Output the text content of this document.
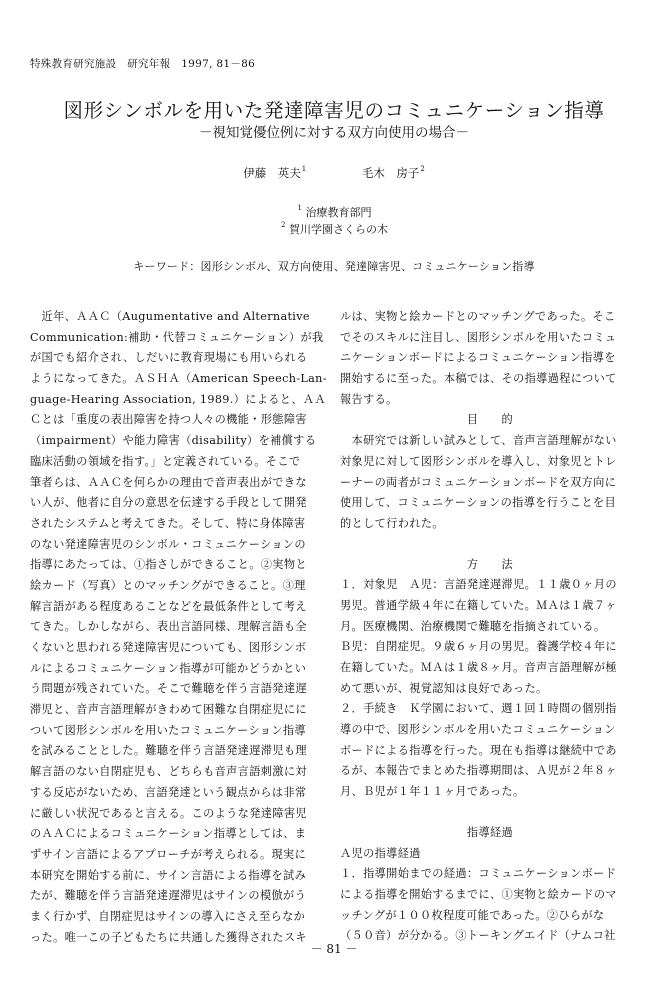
特殊教育研究施設　研究年報　1997, 81－86
図形シンボルを用いた発達障害児のコミュニケーション指導
－視知覚優位例に対する双方向使用の場合－
伊藤　英夫$^1$	毛木　房子$^2$
$^1$ 治療教育部門
$^2$ 賀川学園さくらの木
キーワード：図形シンボル、双方向使用、発達障害児、コミュニケーション指導
　近年、ＡＡＣ（Augumentative and Alternative
Communication:補助・代替コミュニケーション）が我
が国でも紹介され、しだいに教育現場にも用いられる
ようになってきた。ＡＳＨＡ（American Speech-Lan-
guage-Hearing Association, 1989.）によると、ＡＡ
Ｃとは「重度の表出障害を持つ人々の機能・形態障害
（impairment）や能力障害（disability）を補償する
臨床活動の領域を指す。」と定義されている。そこで
筆者らは、ＡＡＣを何らかの理由で音声表出ができな
い人が、他者に自分の意思を伝達する手段として開発
されたシステムと考えてきた。そして、特に身体障害
のない発達障害児のシンボル・コミュニケーションの
指導にあたっては、①指さしができること。②実物と
絵カード（写真）とのマッチングができること。③理
解言語がある程度あることなどを最低条件として考え
てきた。しかしながら、表出言語同様、理解言語も全
くないと思われる発達障害児についても、図形シンボ
ルによるコミュニケーション指導が可能かどうかとい
う問題が残されていた。そこで難聴を伴う言語発達遅
滞児と、音声言語理解がきわめて困難な自閉症児にに
ついて図形シンボルを用いたコミュニケーション指導
を試みることとした。難聴を伴う言語発達遅滞児も理
解言語のない自閉症児も、どちらも音声言語刺激に対
する反応がないため、言語発達という観点からは非常
に厳しい状況であると言える。このような発達障害児
のＡＡＣによるコミュニケーション指導としては、ま
ずサイン言語によるアプローチが考えられる。現実に
本研究を開始する前に、サイン言語による指導を試み
たが、難聴を伴う言語発達遅滞児はサインの模倣がう
まく行かず、自閉症児はサインの導入にさえ至らなか
った。唯一この子どもたちに共通した獲得されたスキ
ルは、実物と絵カードとのマッチングであった。そこ
でそのスキルに注目し、図形シンボルを用いたコミュ
ニケーションボードによるコミュニケーション指導を
開始するに至った。本稿では、その指導過程について
報告する。
目　　的
　本研究では新しい試みとして、音声言語理解がない
対象児に対して図形シンボルを導入し、対象児とトレ
ーナーの両者がコミュニケーションボードを双方向に
使用して、コミュニケーションの指導を行うことを目
的として行われた。
方　　法
１．対象児　Ａ児：言語発達遅滞児。１１歳０ヶ月の
男児。普通学級４年に在籍していた。ＭＡは１歳７ヶ
月。医療機関、治療機関で難聴を指摘されている。
Ｂ児：自閉症児。９歳６ヶ月の男児。養護学校４年に
在籍していた。ＭＡは１歳８ヶ月。音声言語理解が極
めて悪いが、視覚認知は良好であった。
２．手続き　Ｋ学園において、週１回１時間の個別指
導の中で、図形シンボルを用いたコミュニケーション
ボードによる指導を行った。現在も指導は継続中であ
るが、本報告でまとめた指導期間は、Ａ児が２年８ヶ
月、Ｂ児が１年１１ヶ月であった。
指導経過
Ａ児の指導経過
１．指導開始までの経過：コミュニケーションボード
による指導を開始するまでに、①実物と絵カードのマ
ッチングが１００枚程度可能であった。②ひらがな
（５０音）が分かる。③トーキングエイド（ナムコ社
－ 81 －
